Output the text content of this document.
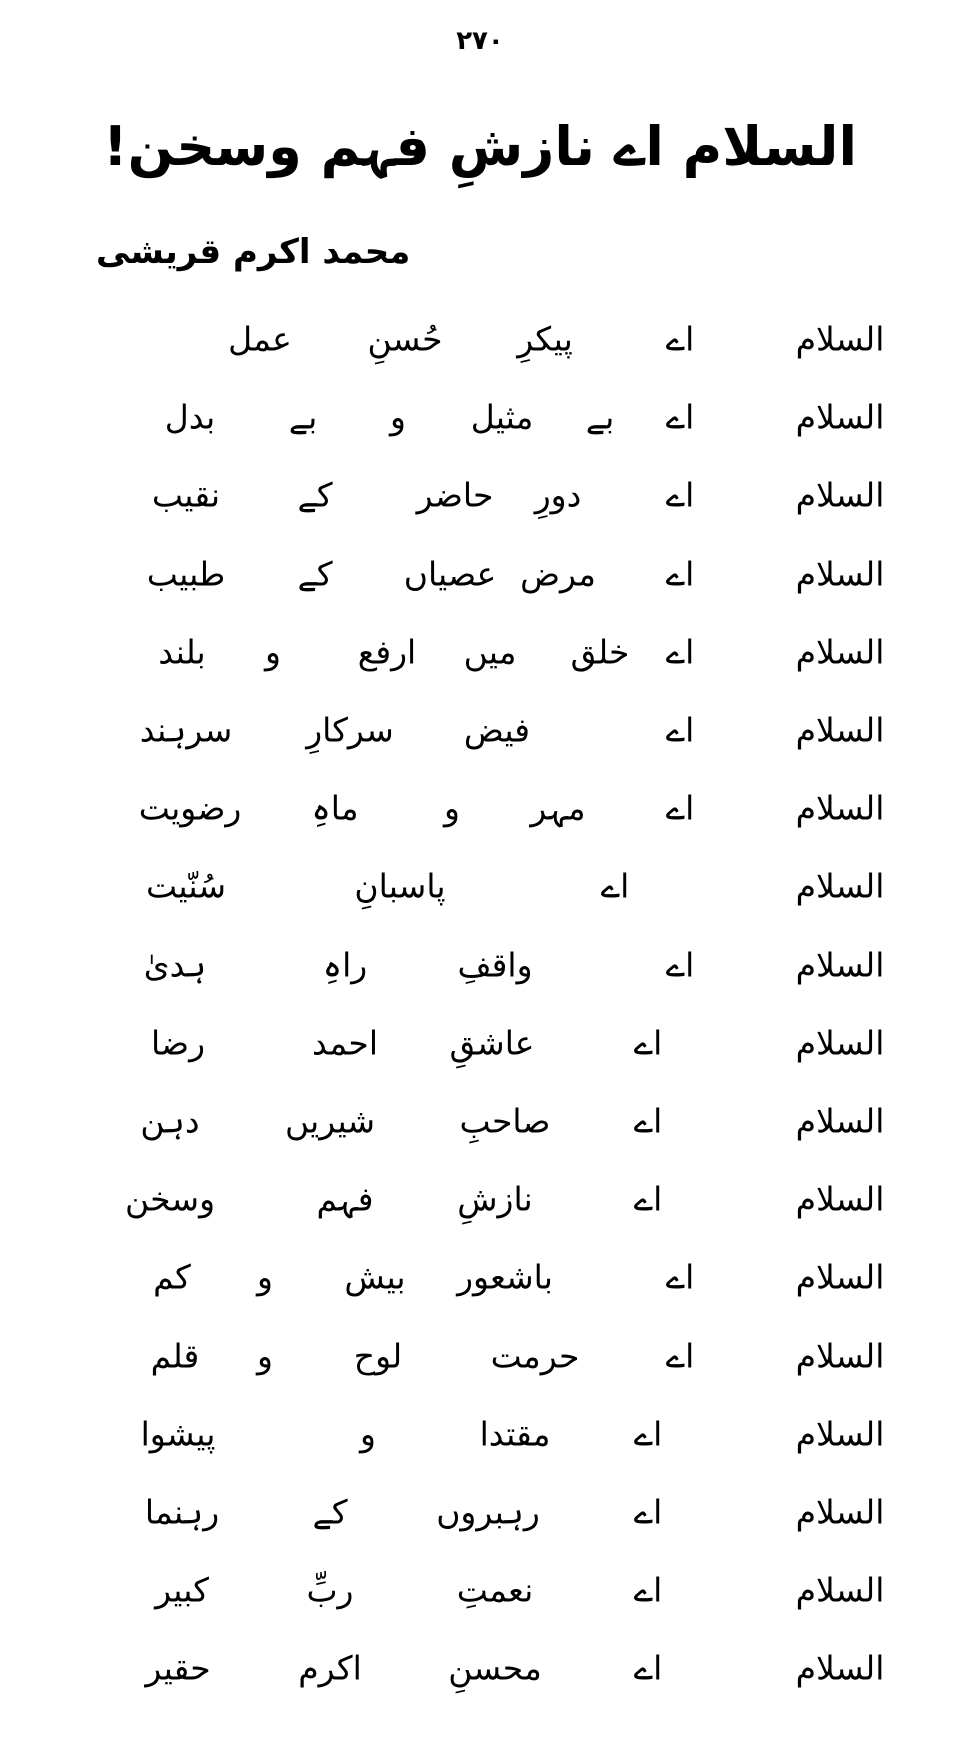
۲۷۰
السلام اے نازشِ فہم وسخن!
محمد اکرم قریشی
السلام
اے
پیکرِ
حُسنِ
عمل
السلام
اے
بے
مثیل
و
بے
بدل
السلام
اے
دورِ
حاضر
کے
نقیب
السلام
اے
مرض
عصیاں
کے
طبیب
السلام
اے
خلق
میں
ارفع
و
بلند
السلام
اے
فیض
سرکارِ
سرہند
السلام
اے
مہر
و
ماہِ
رضویت
السلام
اے
پاسبانِ
سُنّیت
السلام
اے
واقفِ
راہِ
ہدیٰ
السلام
اے
عاشقِ
احمد
رضا
السلام
اے
صاحبِ
شیریں
دہن
السلام
اے
نازشِ
فہم
وسخن
السلام
اے
باشعور
بیش
و
کم
السلام
اے
حرمت
لوح
و
قلم
السلام
اے
مقتدا
و
پیشوا
السلام
اے
رہبروں
کے
رہنما
السلام
اے
نعمتِ
ربِّ
کبیر
السلام
اے
محسنِ
اکرم
حقیر
